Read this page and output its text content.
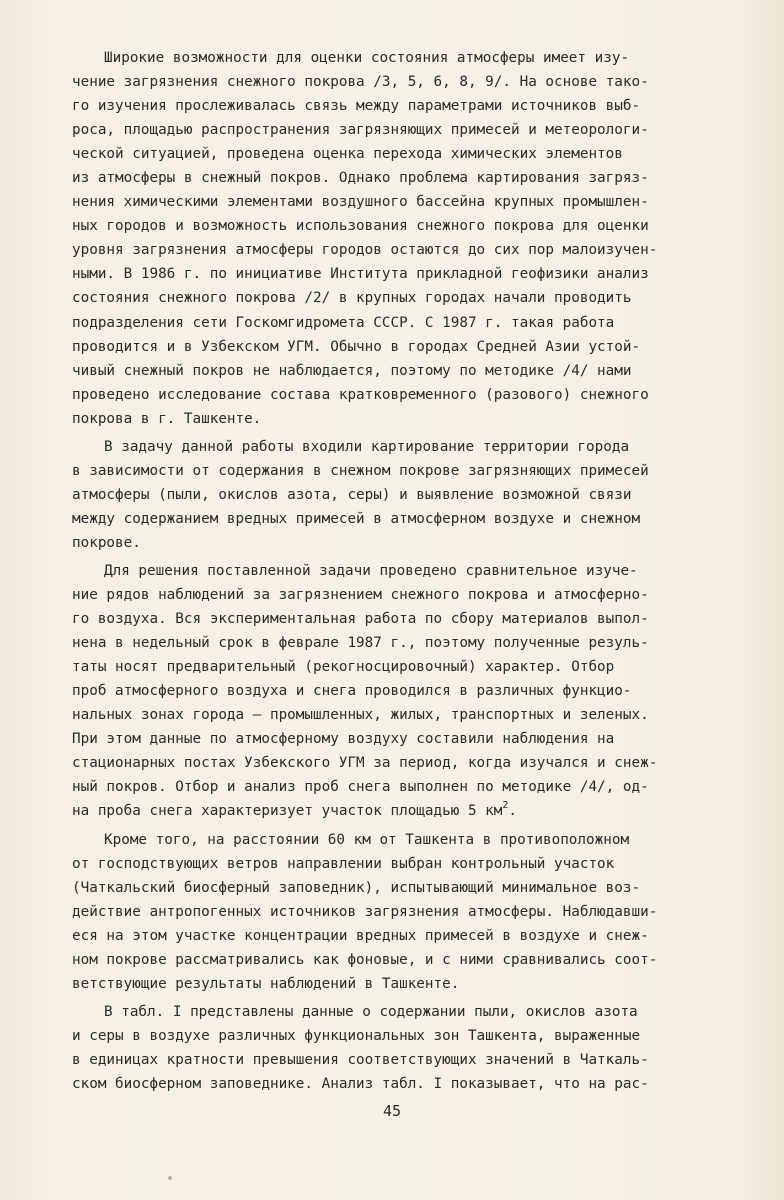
Широкие возможности для оценки состояния атмосферы имеет изу-
чение загрязнения снежного покрова /3, 5, 6, 8, 9/. На основе тако-
го изучения прослеживалась связь между параметрами источников выб-
роса, площадью распространения загрязняющих примесей и метеорологи-
ческой ситуацией, проведена оценка перехода химических элементов
из атмосферы в снежный покров. Однако проблема картирования загряз-
нения химическими элементами воздушного бассейна крупных промышлен-
ных городов и возможность использования снежного покрова для оценки
уровня загрязнения атмосферы городов остаются до сих пор малоизучен-
ными. В 1986 г. по инициативе Института прикладной геофизики анализ
состояния снежного покрова /2/ в крупных городах начали проводить
подразделения сети Госкомгидромета СССР. С 1987 г. такая работа
проводится и в Узбекском УГМ. Обычно в городах Средней Азии устой-
чивый снежный покров не наблюдается, поэтому по методике /4/ нами
проведено исследование состава кратковременного (разового) снежного
покрова в г. Ташкенте.
В задачу данной работы входили картирование территории города
в зависимости от содержания в снежном покрове загрязняющих примесей
атмосферы (пыли, окислов азота, серы) и выявление возможной связи
между содержанием вредных примесей в атмосферном воздухе и снежном
покрове.
Для решения поставленной задачи проведено сравнительное изуче-
ние рядов наблюдений за загрязнением снежного покрова и атмосферно-
го воздуха. Вся экспериментальная работа по сбору материалов выпол-
нена в недельный срок в феврале 1987 г., поэтому полученные резуль-
таты носят предварительный (рекогносцировочный) характер. Отбор
проб атмосферного воздуха и снега проводился в различных функцио-
нальных зонах города – промышленных, жилых, транспортных и зеленых.
При этом данные по атмосферному воздуху составили наблюдения на
стационарных постах Узбекского УГМ за период, когда изучался и снеж-
ный покров. Отбор и анализ проб снега выполнен по методике /4/, од-
на проба снега характеризует участок площадью 5 $км^2$.
Кроме того, на расстоянии 60 км от Ташкента в противоположном
от господствующих ветров направлении выбран контрольный участок
(Чаткальский биосферный заповедник), испытывающий минимальное воз-
действие антропогенных источников загрязнения атмосферы. Наблюдавши-
еся на этом участке концентрации вредных примесей в воздухе и снеж-
ном покрове рассматривались как фоновые, и с ними сравнивались соот-
ветствующие результаты наблюдений в Ташкенте.
В табл. I представлены данные о содержании пыли, окислов азота
и серы в воздухе различных функциональных зон Ташкента, выраженные
в единицах кратности превышения соответствующих значений в Чаткаль-
ском биосферном заповеднике. Анализ табл. I показывает, что на рас-
45
